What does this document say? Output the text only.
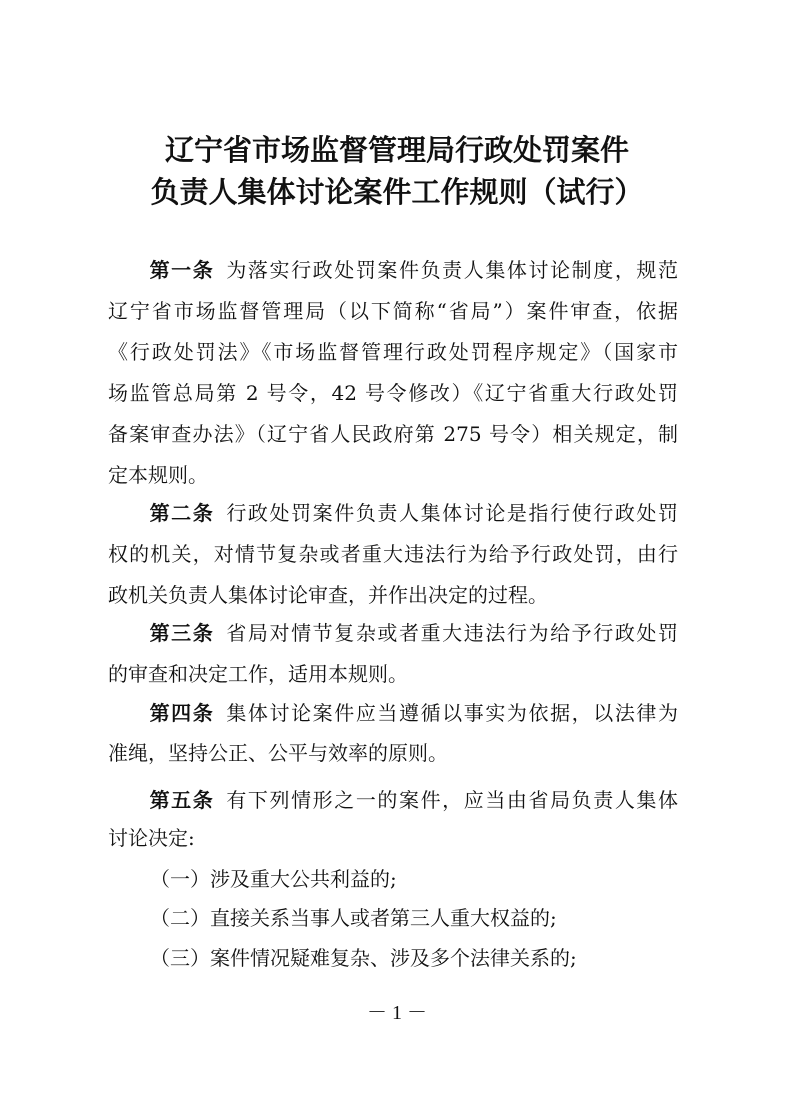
辽宁省市场监督管理局行政处罚案件
负责人集体讨论案件工作规则（试行）
第一条 为落实行政处罚案件负责人集体讨论制度，规范
辽宁省市场监督管理局（以下简称“省局”）案件审查，依据
《行政处罚法》《市场监督管理行政处罚程序规定》（国家市
场监管总局第 2 号令，42 号令修改）《辽宁省重大行政处罚
备案审查办法》（辽宁省人民政府第 275 号令）相关规定，制
定本规则。
第二条 行政处罚案件负责人集体讨论是指行使行政处罚
权的机关，对情节复杂或者重大违法行为给予行政处罚，由行
政机关负责人集体讨论审查，并作出决定的过程。
第三条 省局对情节复杂或者重大违法行为给予行政处罚
的审查和决定工作，适用本规则。
第四条 集体讨论案件应当遵循以事实为依据，以法律为
准绳，坚持公正、公平与效率的原则。
第五条 有下列情形之一的案件，应当由省局负责人集体
讨论决定:
（一）涉及重大公共利益的;
（二）直接关系当事人或者第三人重大权益的;
（三）案件情况疑难复杂、涉及多个法律关系的;
－ 1 －
